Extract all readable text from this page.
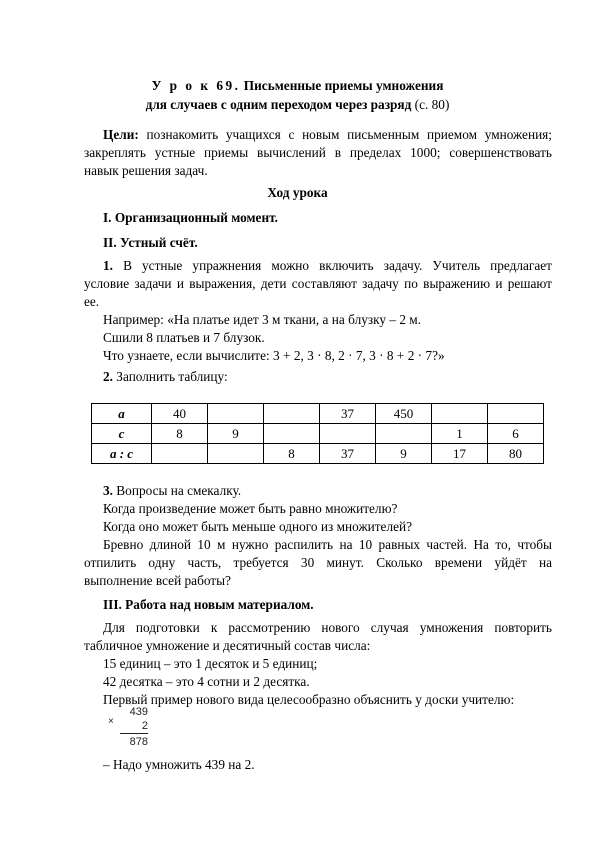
У р о к 69. Письменные приемы умножения
для случаев с одним переходом через разряд (с. 80)
Цели: познакомить учащихся с новым письменным приемом умножения;
закреплять устные приемы вычислений в пределах 1000; совершенствовать
навык решения задач.
Ход урока
I. Организационный момент.
II. Устный счёт.
1. В устные упражнения можно включить задачу. Учитель предлагает
условие задачи и выражения, дети составляют задачу по выражению и решают
ее.
Например: «На платье идет 3 м ткани, а на блузку – 2 м.
Сшили 8 платьев и 7 блузок.
Что узнаете, если вычислите: 3 + 2, 3 · 8, 2 · 7, 3 · 8 + 2 · 7?»
2. Заполнить таблицу:
а	40			37	450		
с	8	9				1	6
а : с			8	37	9	17	80
3. Вопросы на смекалку.
Когда произведение может быть равно множителю?
Когда оно может быть меньше одного из множителей?
Бревно длиной 10 м нужно распилить на 10 равных частей. На то, чтобы
отпилить одну часть, требуется 30 минут. Сколько времени уйдёт на
выполнение всей работы?
III. Работа над новым материалом.
Для подготовки к рассмотрению нового случая умножения повторить
табличное умножение и десятичный состав числа:
15 единиц – это 1 десяток и 5 единиц;
42 десятка – это 4 сотни и 2 десятка.
Первый пример нового вида целесообразно объяснить у доски учителю:
×
439
2
878
– Надо умножить 439 на 2.
